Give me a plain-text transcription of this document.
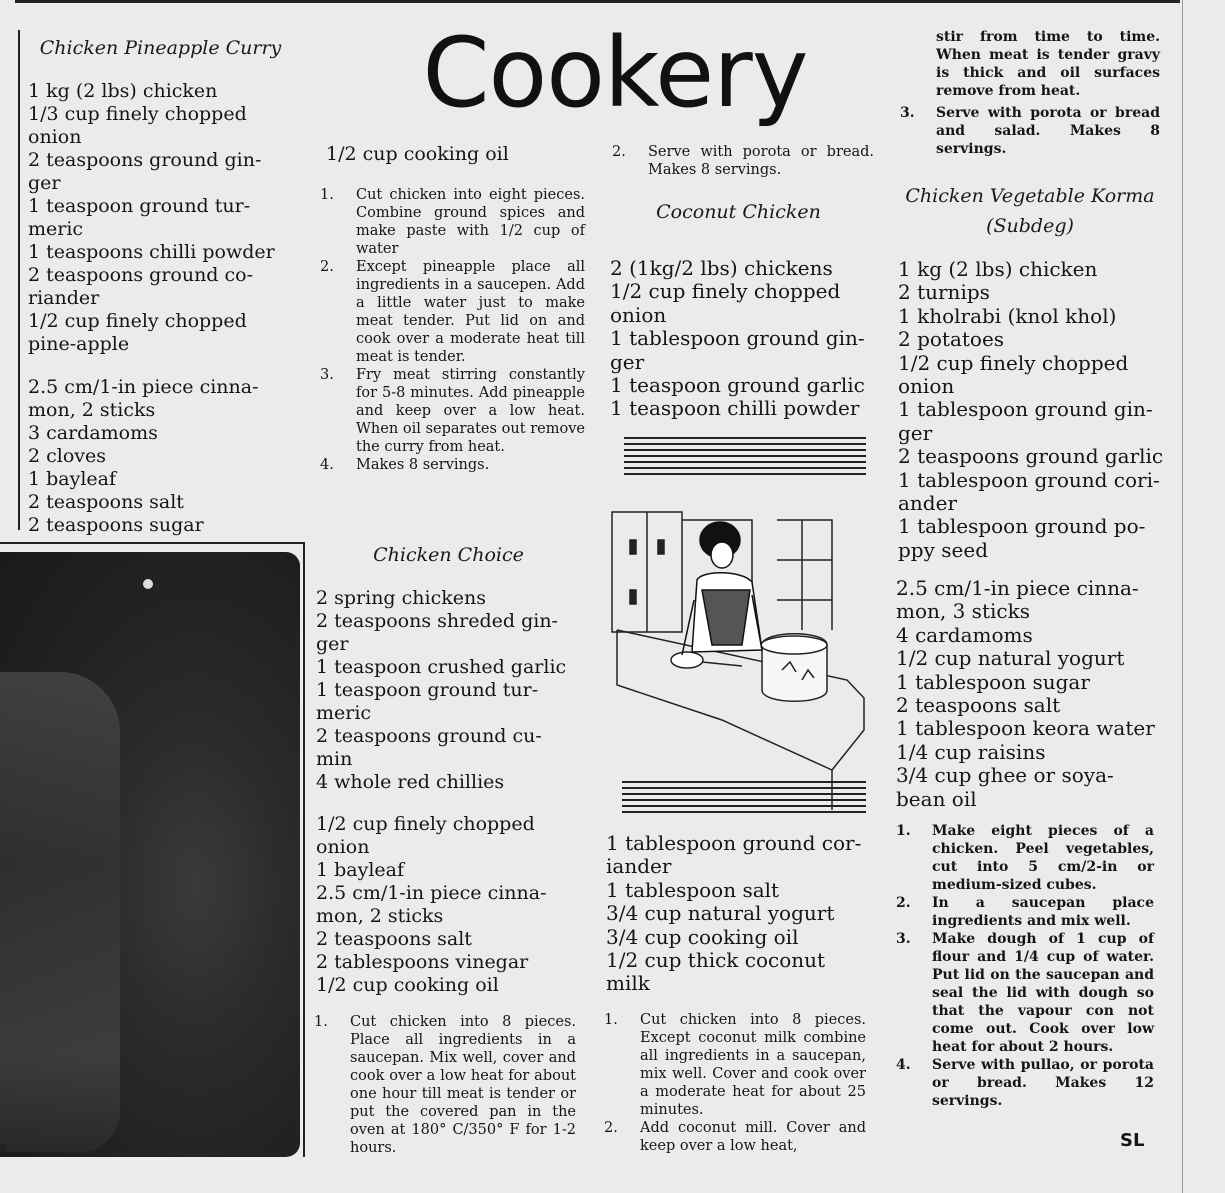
Cookery
Chicken Pineapple Curry
1 kg (2 lbs) chicken
1/3 cup finely chopped
onion
2 teaspoons ground gin-
ger
1 teaspoon ground tur-
meric
1 teaspoons chilli powder
2 teaspoons ground co-
riander
1/2 cup finely chopped
pine-apple
2.5 cm/1-in piece cinna-
mon, 2 sticks
3 cardamoms
2 cloves
1 bayleaf
2 teaspoons salt
2 teaspoons sugar
s
1/2 cup cooking oil
1. Cut chicken into eight pieces. Combine ground spices and make paste with 1/2 cup of water
2. Except pineapple place all ingredients in a saucepen. Add a little water just to make meat tender. Put lid on and cook over a moderate heat till meat is tender.
3. Fry meat stirring constantly for 5-8 minutes. Add pineapple and keep over a low heat. When oil separates out remove the curry from heat.
4. Makes 8 servings.
Chicken Choice
2 spring chickens
2 teaspoons shreded gin-
ger
1 teaspoon crushed garlic
1 teaspoon ground tur-
meric
2 teaspoons ground cu-
min
4 whole red chillies
1/2 cup finely chopped
onion
1 bayleaf
2.5 cm/1-in piece cinna-
mon, 2 sticks
2 teaspoons salt
2 tablespoons vinegar
1/2 cup cooking oil
1. Cut chicken into 8 pieces. Place all ingredients in a saucepan. Mix well, cover and cook over a low heat for about one hour till meat is tender or put the covered pan in the oven at 180° C/350° F for 1-2 hours.
2. Serve with porota or bread. Makes 8 servings.
Coconut Chicken
2 (1kg/2 lbs) chickens
1/2 cup finely chopped
onion
1 tablespoon ground gin-
ger
1 teaspoon ground garlic
1 teaspoon chilli powder
1 tablespoon ground cor-
iander
1 tablespoon salt
3/4 cup natural yogurt
3/4 cup cooking oil
1/2 cup thick coconut
milk
1. Cut chicken into 8 pieces. Except coconut milk combine all ingredients in a saucepan, mix well. Cover and cook over a moderate heat for about 25 minutes.
2. Add coconut mill. Cover and keep over a low heat,
stir from time to time. When meat is tender gravy is thick and oil surfaces remove from heat.
3. Serve with porota or bread and salad. Makes 8 servings.
Chicken Vegetable Korma
(Subdeg)
1 kg (2 lbs) chicken
2 turnips
1 kholrabi (knol khol)
2 potatoes
1/2 cup finely chopped
onion
1 tablespoon ground gin-
ger
2 teaspoons ground garlic
1 tablespoon ground cori-
ander
1 tablespoon ground po-
ppy seed
2.5 cm/1-in piece cinna-
mon, 3 sticks
4 cardamoms
1/2 cup natural yogurt
1 tablespoon sugar
2 teaspoons salt
1 tablespoon keora water
1/4 cup raisins
3/4 cup ghee or soya-
bean oil
1. Make eight pieces of a chicken. Peel vegetables, cut into 5 cm/2-in or medium-sized cubes.
2. In a saucepan place ingredients and mix well.
3. Make dough of 1 cup of flour and 1/4 cup of water. Put lid on the saucepan and seal the lid with dough so that the vapour con not come out. Cook over low heat for about 2 hours.
4. Serve with pullao, or porota or bread. Makes 12 servings.
SL
